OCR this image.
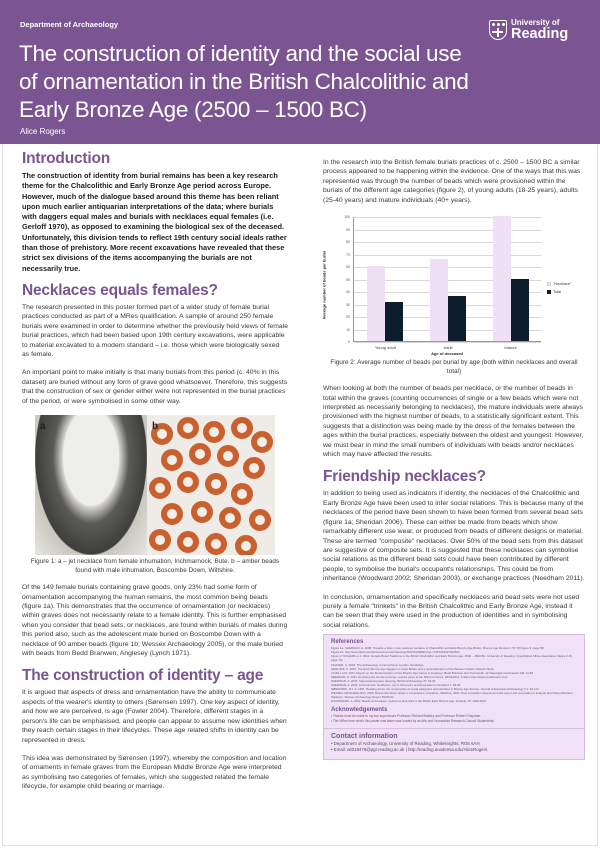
Department of Archaeology
The construction of identity and the social use of ornamentation in the British Chalcolithic and Early Bronze Age (2500 – 1500 BC)
Alice Rogers
University of
Reading
Introduction

The construction of identity from burial remains has been a key research theme for the Chalcolithic and Early Bronze Age period across Europe. However, much of the dialogue based around this theme has been reliant upon much earlier antiquarian interpretations of the data; where burials with daggers equal males and burials with necklaces equal females (i.e. Gerloff 1970), as opposed to examining the biological sex of the deceased. Unfortunately, this division tends to reflect 19th century social ideals rather than those of prehistory. More recent excavations have revealed that these strict sex divisions of the items accompanying the burials are not necessarily true.

Necklaces equals females?

The research presented in this poster formed part of a wider study of female burial practices conducted as part of a MRes qualification. A sample of around 250 female burials were examined in order to determine whether the previously held views of female burial practices, which had been based upon 19th century excavations, were applicable to material excavated to a modern standard – i.e. those which were biologically sexed as female.

An important point to make initially is that many burials from this period (c. 40% in this dataset) are buried without any form of grave good whatsoever. Therefore, this suggests that the construction of sex or gender either were not represented in the burial practices of the period, or were symbolised in some other way.

a	b
Figure 1: a – jet necklace from female inhumation, Inchmarnock, Bute. b – amber beads found with male inhumation, Boscombe Down, Wiltshire.

Of the 149 female burials containing grave goods, only 23% had some form of ornamentation accompanying the human remains, the most common being beads (figure 1a). This demonstrates that the occurrence of ornamentation (or necklaces) within graves does not necessarily relate to a female identity. This is further emphasised when you consider that bead sets, or necklaces, are found within burials of males during this period also, such as the adolescent male buried on Boscombe Down with a necklace of 90 amber beads (figure 1b; Wessex Archaeology 2005), or the male buried with beads from Bedd Branwen, Anglesey (Lynch 1971).

The construction of identity – age

It is argued that aspects of dress and ornamentation have the ability to communicate aspects of the wearer's identity to others (Sørensen 1997). One key aspect of identity, and how we are perceived, is age (Fowler 2004). Therefore, different stages in a person's life can be emphasised, and people can appear to assume new identities when they reach certain stages in their lifecycles. These age related shifts in identity can be represented in dress.

This idea was demonstrated by Sørensen (1997), whereby the composition and location of ornaments in female graves from the European Middle Bronze Age were interpreted as symbolising two categories of females, which she suggested related the female lifecycle, for example child bearing or marriage.

In the research into the British female burials practices of c. 2500 – 1500 BC a similar process appeared to be happening within the evidence. One of the ways that this was represented was through the number of beads which were provisioned within the burials of the different age categories (figure 2), of young adults (18-25 years), adults (25-40 years) and mature individuals (40+ years).

Average number of beads per burial
0
10
20
30
40
50
60
70
80
90
100
Young adult	Adult	Mature
Age of deceased
"Necklace"
Total
Figure 2: Average number of beads per burial by age (both within necklaces and overall total)

When looking at both the number of beads per necklace, or the number of beads in total within the graves (counting occurrences of single or a few beads which were not interpreted as necessarily belonging to necklaces), the mature individuals were always provisioned with the highest number of beads, to a statistically significant extent. This suggests that a distinction was being made by the dress of the females between the ages within the burial practices, especially between the oldest and youngest. However, we must bear in mind the small numbers of individuals with beads and/or necklaces which may have affected the results.

Friendship necklaces?

In addition to being used as indicators if identity, the necklaces of the Chalcolithic and Early Bronze Age have been used to infer social relations. This is because many of the necklaces of the period have been shown to have been formed from several bead sets (figure 1a; Sheridan 2006). These can either be made from beads which show remarkably different use wear, or produced from beads of different designs or material. These are termed "composite" necklaces. Over 50% of the bead sets from this dataset are suggestive of composite sets. It is suggested that these necklaces can symbolise social relations as the different bead sets could have been contributed by different people, to symbolise the burial's occupant's relationships. This could be from inheritance (Woodward 2002; Sheridan 2003), or exchange practices (Needham 2011).

In conclusion, ornamentation and specifically necklaces and bead sets were not used purely a female "trinkets" in the British Chalcolithic and Early Bronze Age, instead it can be seen that they were used in the production of identities and in symbolising social relations.

References
Figure 1a: SHERIDAN, A. 2008. Towards a fuller, more nuanced narrative of Chalcolithic and Early Bronze Age Britain. Bronze Age Review 1: 57-78 (figure 3, page 66)
Figure 1b: http://www.flickr.com/photos/wessexarchaeology/5013319968/in/set-72157624927942603
Figure 2: ROGERS, A.J. 2011. Female Burial Traditions in the British Chalcolithic and Early Bronze Age, 2500 – 1500 BC. University of Reading: Unpublished MRes dissertation (figure 3.15, page 70)
FOWLER, C. 2004. The archaeology of personhood. London: Routledge
GERLOFF, S. 1975. The Early Bronze Age daggers in Great Britain and a reconsideration of the Wessex Culture. Munich: Beck
LYNCH, F.M. 1971. Report on the Re-Excavation of two Bronze Age Cairns in Anglesey: Bedd Branwen and Treiorwerth. Archaeologia Cambrensis 120: 11-83.
NEEDHAM, S. 2011. Enriching the female persona. Lecture given at the Rhind Lectures, 30/04/2011, 3.30pm http://www.scottishcast.com/
SHERIDAN, A. 2003. Supernatural power dressing. British Archaeology 70: 18-23
SHERIDAN, A. 2006. Inchmarnock, Northpoint, cist 3. Discovery and Excavation in Scotland 7: 39-40
SØRENSEN, M.L.S. 1997. Reading dress: the construction of social categories and identities in Bronze Age Europe. Journal of European Archaeology 5.1: 93-114
WESSEX ARCHAEOLOGY 2005. Boscombe Down phase V excavations, Amesbury, Wiltshire, 2004. Post excavation assessment and report and proposals for analysis and final publication. Salisbury: Wessex Archaeology Report 56240.02.
WOODWARD, A. 2002. Beads and beakers: heirlooms and relics in the British Early Bronze Age. Antiquity 76: 1040-1047.
Acknowledgements
• Thanks must be made to my two supervisors Professor Richard Bradley and Professor Robert Chapman.
• The MRes from which this poster was taken was funded by an Arts and Humanities Research Council Studentship.
Contact information
• Department of Archaeology, University of Reading, Whiteknights, RG6 6AH
• Email: wt018476@pgr.reading.ac.uk | http://reading.academia.edu/AliceRogers
